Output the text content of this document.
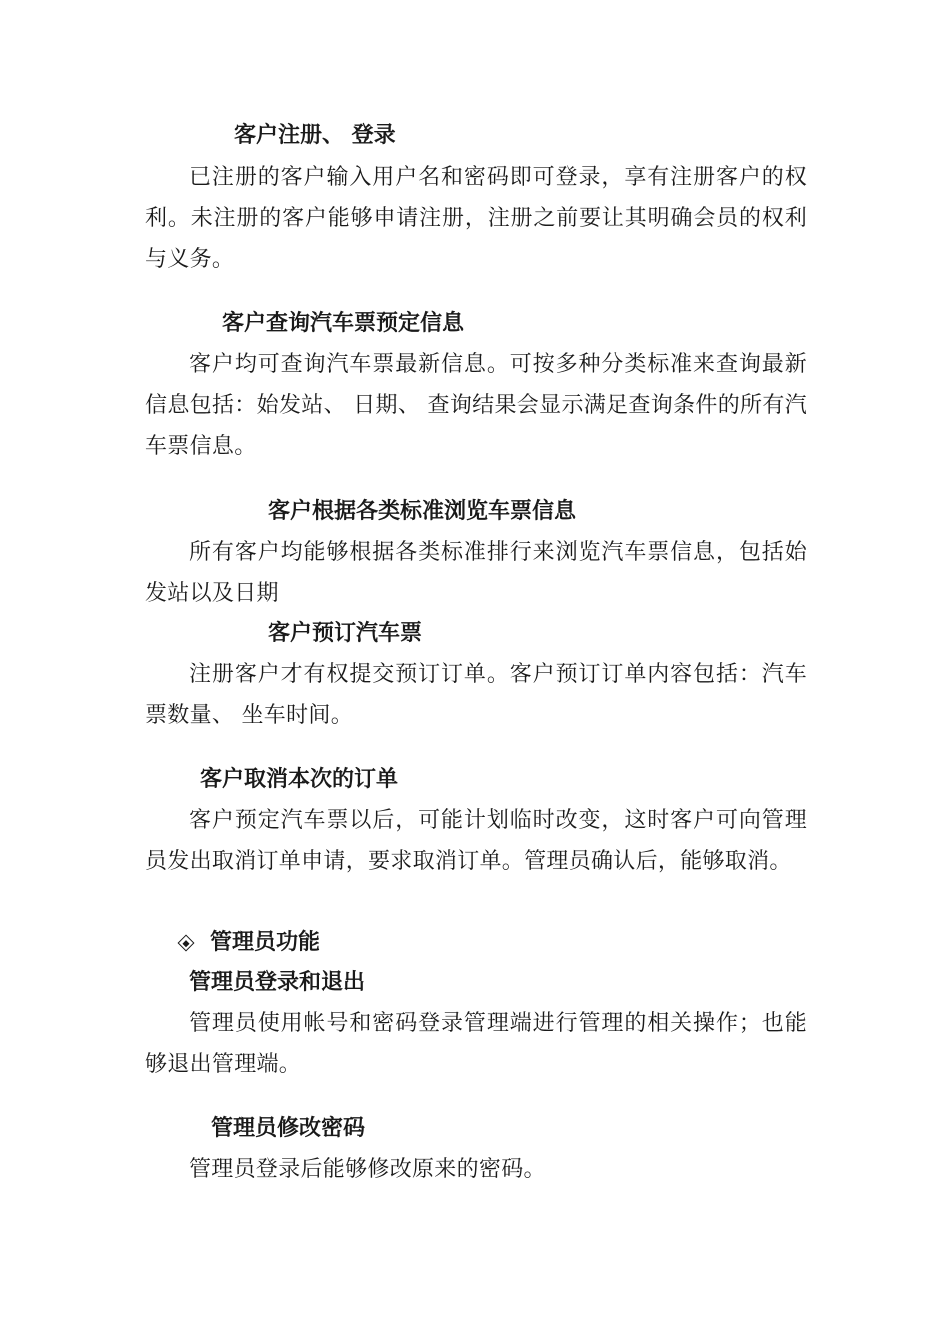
客户注册、 登录

已注册的客户输入用户名和密码即可登录，享有注册客户的权利。未注册的客户能够申请注册，注册之前要让其明确会员的权利与义务。

客户查询汽车票预定信息

客户均可查询汽车票最新信息。可按多种分类标准来查询最新信息包括：始发站、 日期、 查询结果会显示满足查询条件的所有汽车票信息。

客户根据各类标准浏览车票信息

所有客户均能够根据各类标准排行来浏览汽车票信息，包括始发站以及日期

客户预订汽车票

注册客户才有权提交预订订单。客户预订订单内容包括：汽车票数量、 坐车时间。

客户取消本次的订单

客户预定汽车票以后，可能计划临时改变，这时客户可向管理员发出取消订单申请，要求取消订单。管理员确认后，能够取消。

管理员功能
管理员登录和退出

管理员使用帐号和密码登录管理端进行管理的相关操作；也能够退出管理端。

管理员修改密码

管理员登录后能够修改原来的密码。
